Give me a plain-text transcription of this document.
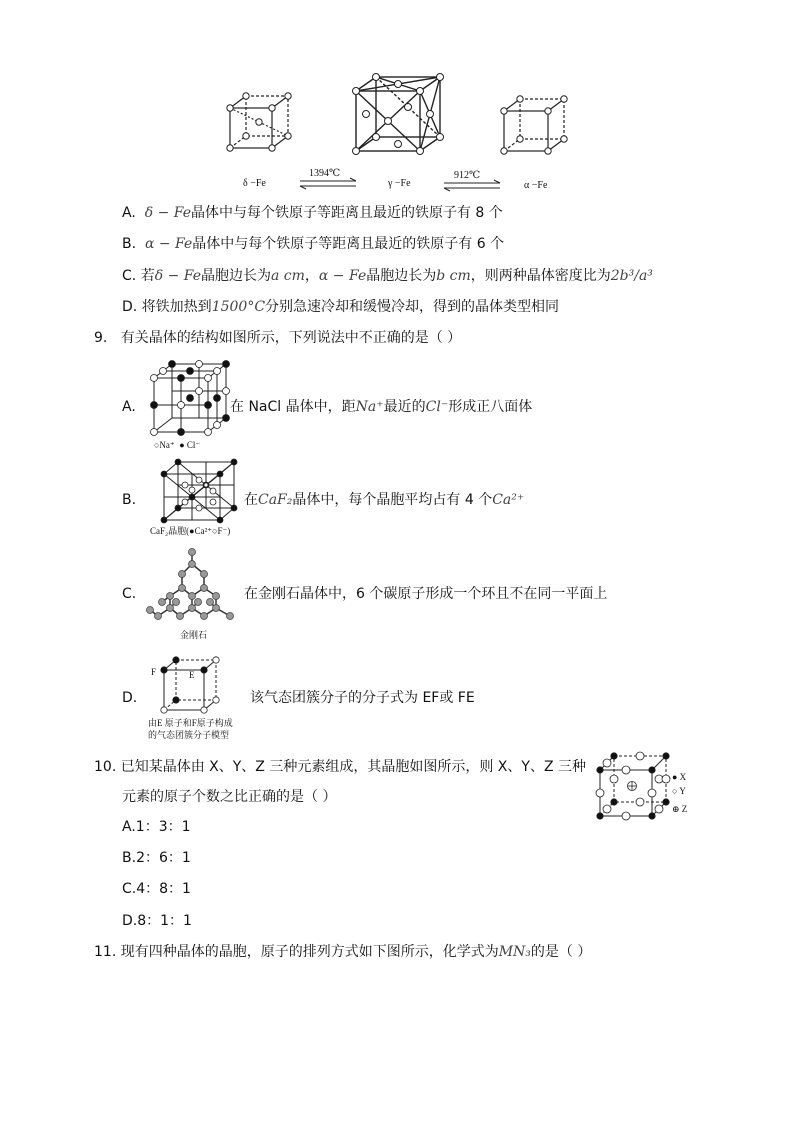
δ −Fe	γ −Fe	α −Fe
1394℃	912℃
A. δ − Fe晶体中与每个铁原子等距离且最近的铁原子有 8 个
B. α − Fe晶体中与每个铁原子等距离且最近的铁原子有 6 个
C. 若δ − Fe晶胞边长为a cm，α − Fe晶胞边长为b cm，则两种晶体密度比为2b³/a³
D. 将铁加热到1500°C分别急速冷却和缓慢冷却，得到的晶体类型相同
9. 有关晶体的结构如图所示，下列说法中不正确的是（ ）
A.
○Na⁺ ● Cl⁻
在 NaCl 晶体中，距Na⁺最近的Cl⁻形成正八面体
B.
CaF₂晶胞(●Ca²⁺○F⁻)
在CaF₂晶体中，每个晶胞平均占有 4 个Ca²⁺
C.
金刚石
在金刚石晶体中，6 个碳原子形成一个环且不在同一平面上
D.
F	E
由E 原子和F原子构成
的气态团簇分子模型
该气态团簇分子的分子式为 EF或 FE
10. 已知某晶体由 X、Y、Z 三种元素组成，其晶胞如图所示，则 X、Y、Z 三种
元素的原子个数之比正确的是（ ）
● X
○ Y
⊕ Z
A.1：3：1
B.2：6：1
C.4：8：1
D.8：1：1
11. 现有四种晶体的晶胞，原子的排列方式如下图所示，化学式为MN₃的是（ ）
